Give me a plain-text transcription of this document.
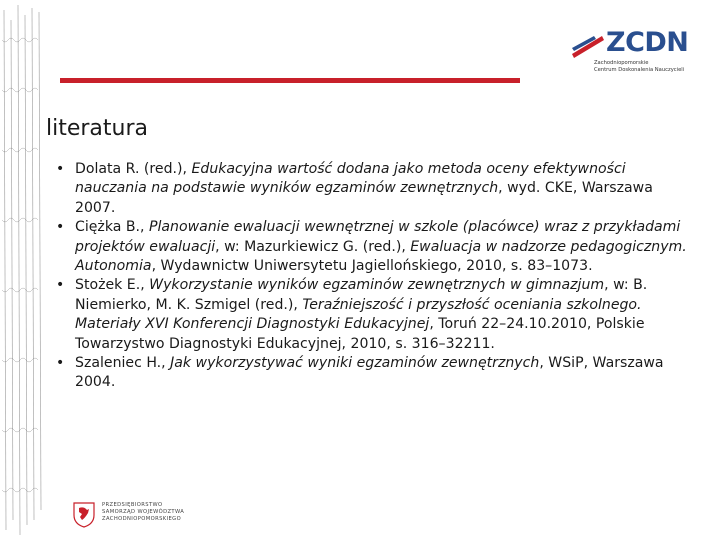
ZCDN
Zachodniopomorskie
Centrum Doskonalenia Nauczycieli
literatura
• Dolata R. (red.), Edukacyjna wartość dodana jako metoda oceny efektywności nauczania na podstawie wyników egzaminów zewnętrznych, wyd. CKE, Warszawa 2007.
• Ciężka B., Planowanie ewaluacji wewnętrznej w szkole (placówce) wraz z przykładami projektów ewaluacji, w: Mazurkiewicz G. (red.), Ewaluacja w nadzorze pedagogicznym. Autonomia, Wydawnictw Uniwersytetu Jagiellońskiego, 2010, s. 83–1073.
• Stożek E., Wykorzystanie wyników egzaminów zewnętrznych w gimnazjum, w: B. Niemierko, M. K. Szmigel (red.), Teraźniejszość i przyszłość oceniania szkolnego. Materiały XVI Konferencji Diagnostyki Edukacyjnej, Toruń 22–24.10.2010, Polskie Towarzystwo Diagnostyki Edukacyjnej, 2010, s. 316–32211.
• Szaleniec H., Jak wykorzystywać wyniki egzaminów zewnętrznych, WSiP, Warszawa 2004.
PRZEDSIĘBIORSTWO
SAMORZĄD WOJEWÓDZTWA
ZACHODNIOPOMORSKIEGO
